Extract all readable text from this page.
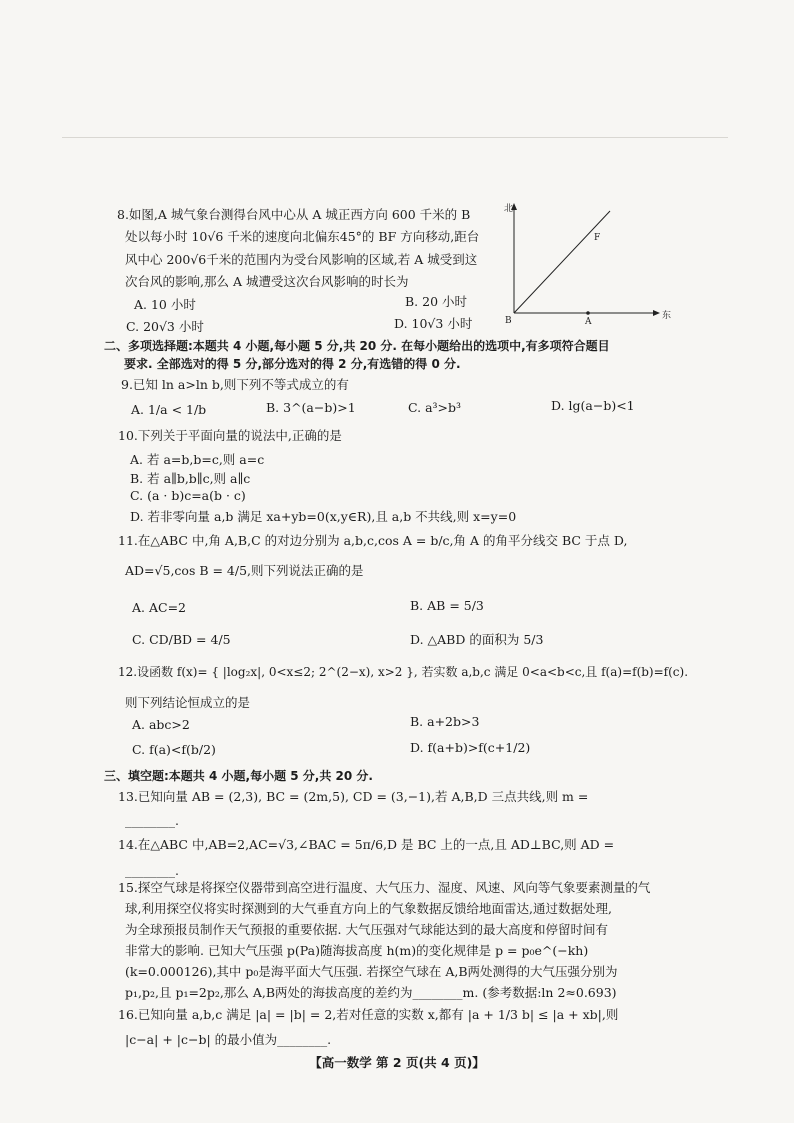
8.如图,A 城气象台测得台风中心从 A 城正西方向 600 千米的 B
处以每小时 10√6 千米的速度向北偏东45°的 BF 方向移动,距台
风中心 200√6千米的范围内为受台风影响的区域,若 A 城受到这
次台风的影响,那么 A 城遭受这次台风影响的时长为
A. 10 小时	B. 20 小时
C. 20√3 小时	D. 10√3 小时
北
东
B	A
F
二、多项选择题:本题共 4 小题,每小题 5 分,共 20 分. 在每小题给出的选项中,有多项符合题目
要求. 全部选对的得 5 分,部分选对的得 2 分,有选错的得 0 分.
9.已知 ln a>ln b,则下列不等式成立的有
A. 1/a < 1/b	B. 3^(a−b)>1	C. a³>b³	D. lg(a−b)<1
10.下列关于平面向量的说法中,正确的是
A. 若 a=b,b=c,则 a=c
B. 若 a∥b,b∥c,则 a∥c
C. (a · b)c=a(b · c)
D. 若非零向量 a,b 满足 xa+yb=0(x,y∈R),且 a,b 不共线,则 x=y=0
11.在△ABC 中,角 A,B,C 的对边分别为 a,b,c,cos A = b/c,角 A 的角平分线交 BC 于点 D,
AD=√5,cos B = 4/5,则下列说法正确的是
A. AC=2	B. AB = 5/3
C. CD/BD = 4/5	D. △ABD 的面积为 5/3
12.设函数 f(x)= { |log₂x|, 0<x≤2; 2^(2−x), x>2 }, 若实数 a,b,c 满足 0<a<b<c,且 f(a)=f(b)=f(c).
则下列结论恒成立的是
A. abc>2	B. a+2b>3
C. f(a)<f(b/2)	D. f(a+b)>f(c+1/2)
三、填空题:本题共 4 小题,每小题 5 分,共 20 分.
13.已知向量 AB = (2,3), BC = (2m,5), CD = (3,−1),若 A,B,D 三点共线,则 m =
________.
14.在△ABC 中,AB=2,AC=√3,∠BAC = 5π/6,D 是 BC 上的一点,且 AD⊥BC,则 AD =
________.
15.探空气球是将探空仪器带到高空进行温度、大气压力、湿度、风速、风向等气象要素测量的气
球,利用探空仪将实时探测到的大气垂直方向上的气象数据反馈给地面雷达,通过数据处理,
为全球预报员制作天气预报的重要依据. 大气压强对气球能达到的最大高度和停留时间有
非常大的影响. 已知大气压强 p(Pa)随海拔高度 h(m)的变化规律是 p = p₀e^(−kh)
(k=0.000126),其中 p₀是海平面大气压强. 若探空气球在 A,B两处测得的大气压强分别为
p₁,p₂,且 p₁=2p₂,那么 A,B两处的海拔高度的差约为________m. (参考数据:ln 2≈0.693)
16.已知向量 a,b,c 满足 |a| = |b| = 2,若对任意的实数 x,都有 |a + 1/3 b| ≤ |a + xb|,则
|c−a| + |c−b| 的最小值为________.
【高一数学 第 2 页(共 4 页)】
